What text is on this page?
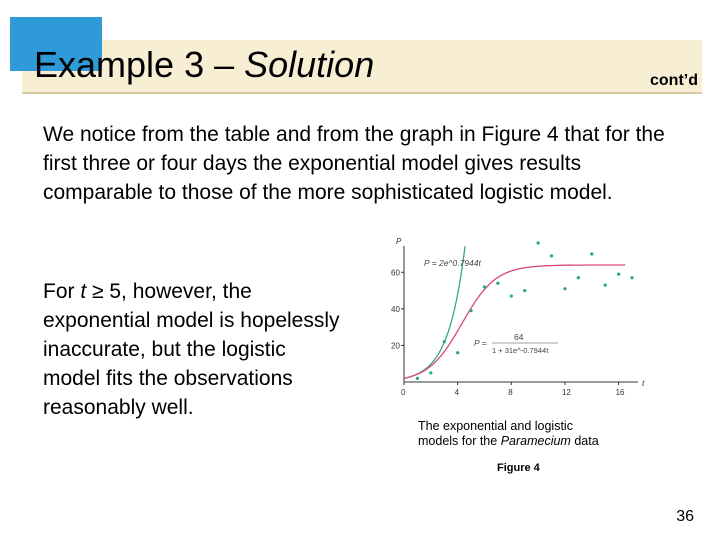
Example 3 – Solution	cont’d
We notice from the table and from the graph in Figure 4 that for the first three or four days the exponential model gives results comparable to those of the more sophisticated logistic model.
For t ≥ 5, however, the exponential model is hopelessly inaccurate, but the logistic model fits the observations reasonably well.
t
P
0	4	8	12	16
20
40
60
P = 2e^0.7944t
64
P =
1 + 31e^-0.7944t
The exponential and logistic
models for the Paramecium data
Figure 4
36
